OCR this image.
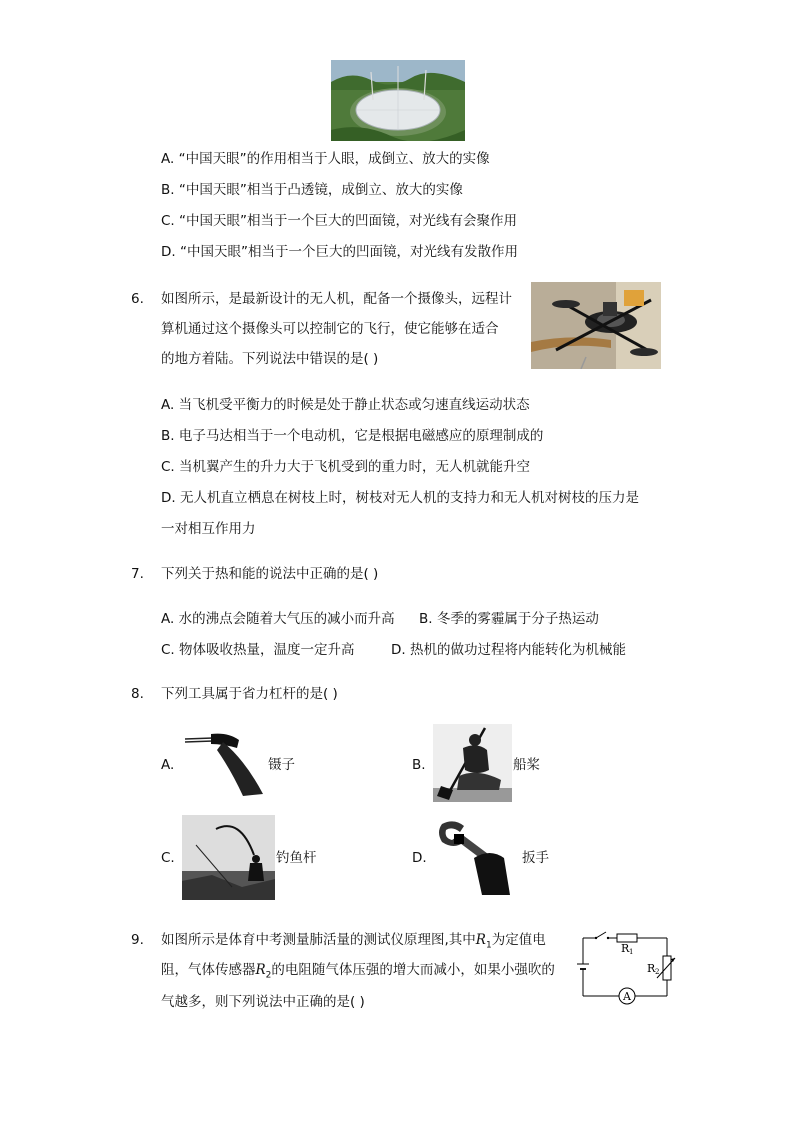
A. “中国天眼”的作用相当于人眼，成倒立、放大的实像
B. “中国天眼”相当于凸透镜，成倒立、放大的实像
C. “中国天眼”相当于一个巨大的凹面镜，对光线有会聚作用
D. “中国天眼”相当于一个巨大的凹面镜，对光线有发散作用
6. 如图所示，是最新设计的无人机，配备一个摄像头，远程计
算机通过这个摄像头可以控制它的飞行，使它能够在适合
的地方着陆。下列说法中错误的是( )
A. 当飞机受平衡力的时候是处于静止状态或匀速直线运动状态
B. 电子马达相当于一个电动机，它是根据电磁感应的原理制成的
C. 当机翼产生的升力大于飞机受到的重力时，无人机就能升空
D. 无人机直立栖息在树枝上时，树枝对无人机的支持力和无人机对树枝的压力是
一对相互作用力
7. 下列关于热和能的说法中正确的是( )
A. 水的沸点会随着大气压的减小而升高 B. 冬季的雾霾属于分子热运动
C. 物体吸收热量，温度一定升高	D. 热机的做功过程将内能转化为机械能
8. 下列工具属于省力杠杆的是( )
A.	镊子	B.	船桨
C.	钓鱼杆	D.	扳手
9. 如图所示是体育中考测量肺活量的测试仪原理图,其中$R_1$为定值电
阻，气体传感器$R_2$的电阻随气体压强的增大而减小，如果小强吹的
气越多，则下列说法中正确的是( )
R 1
R 2
A
